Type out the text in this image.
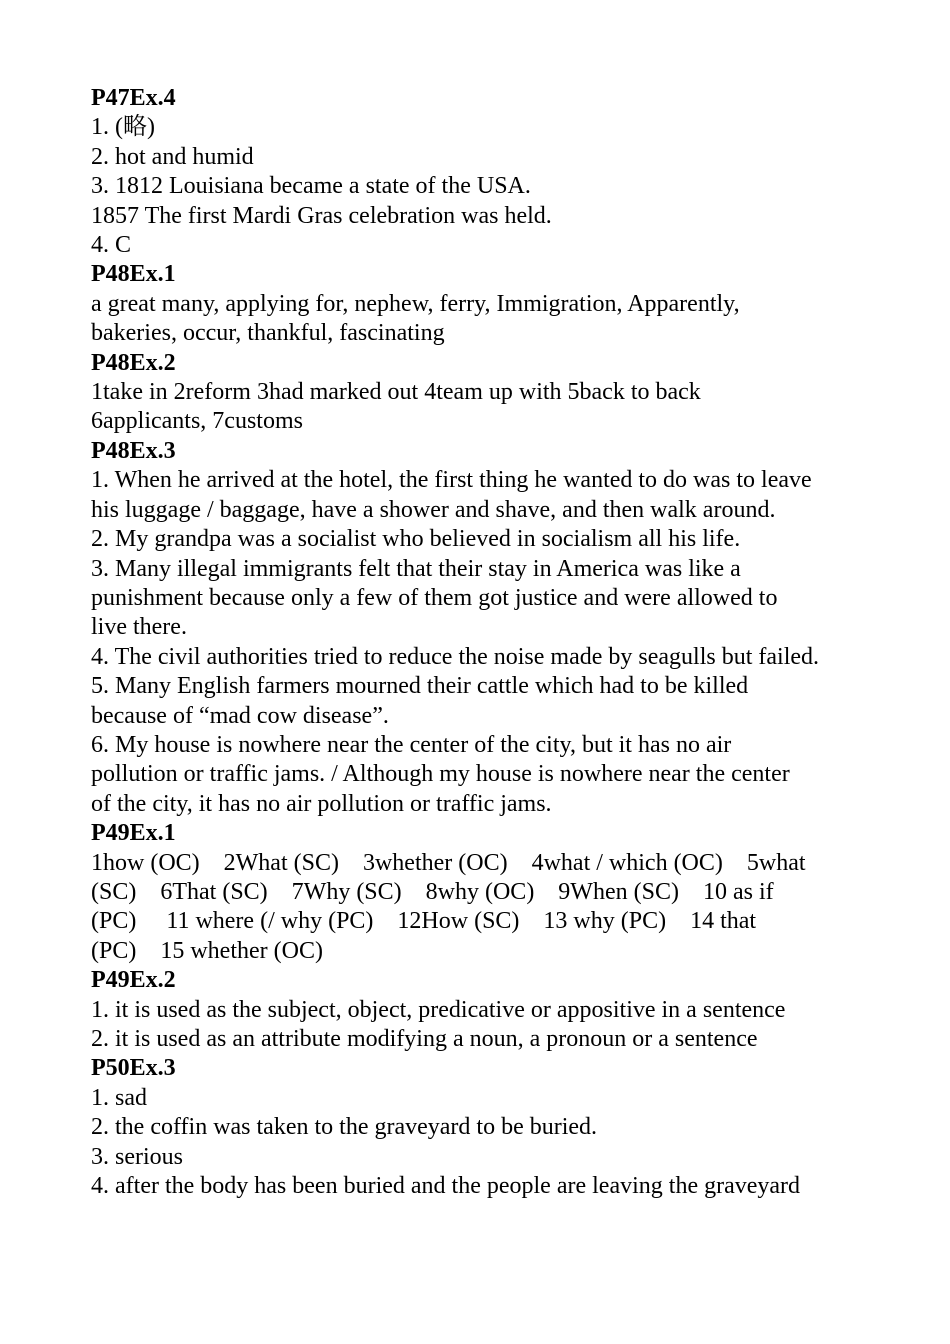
P47Ex.4
1. (略)
2. hot and humid
3. 1812 Louisiana became a state of the USA.
1857 The first Mardi Gras celebration was held.
4. C
P48Ex.1
a great many, applying for, nephew, ferry, Immigration, Apparently,
bakeries, occur, thankful, fascinating
P48Ex.2
1take in 2reform 3had marked out 4team up with 5back to back
6applicants, 7customs
P48Ex.3
1. When he arrived at the hotel, the first thing he wanted to do was to leave
his luggage / baggage, have a shower and shave, and then walk around.
2. My grandpa was a socialist who believed in socialism all his life.
3. Many illegal immigrants felt that their stay in America was like a
punishment because only a few of them got justice and were allowed to
live there.
4. The civil authorities tried to reduce the noise made by seagulls but failed.
5. Many English farmers mourned their cattle which had to be killed
because of “mad cow disease”.
6. My house is nowhere near the center of the city, but it has no air
pollution or traffic jams. / Although my house is nowhere near the center
of the city, it has no air pollution or traffic jams.
P49Ex.1
1how (OC)    2What (SC)    3whether (OC)    4what / which (OC)    5what
(SC)    6That (SC)    7Why (SC)    8why (OC)    9When (SC)    10 as if
(PC)     11 where (/ why (PC)    12How (SC)    13 why (PC)    14 that
(PC)    15 whether (OC)
P49Ex.2
1. it is used as the subject, object, predicative or appositive in a sentence
2. it is used as an attribute modifying a noun, a pronoun or a sentence
P50Ex.3
1. sad
2. the coffin was taken to the graveyard to be buried.
3. serious
4. after the body has been buried and the people are leaving the graveyard
